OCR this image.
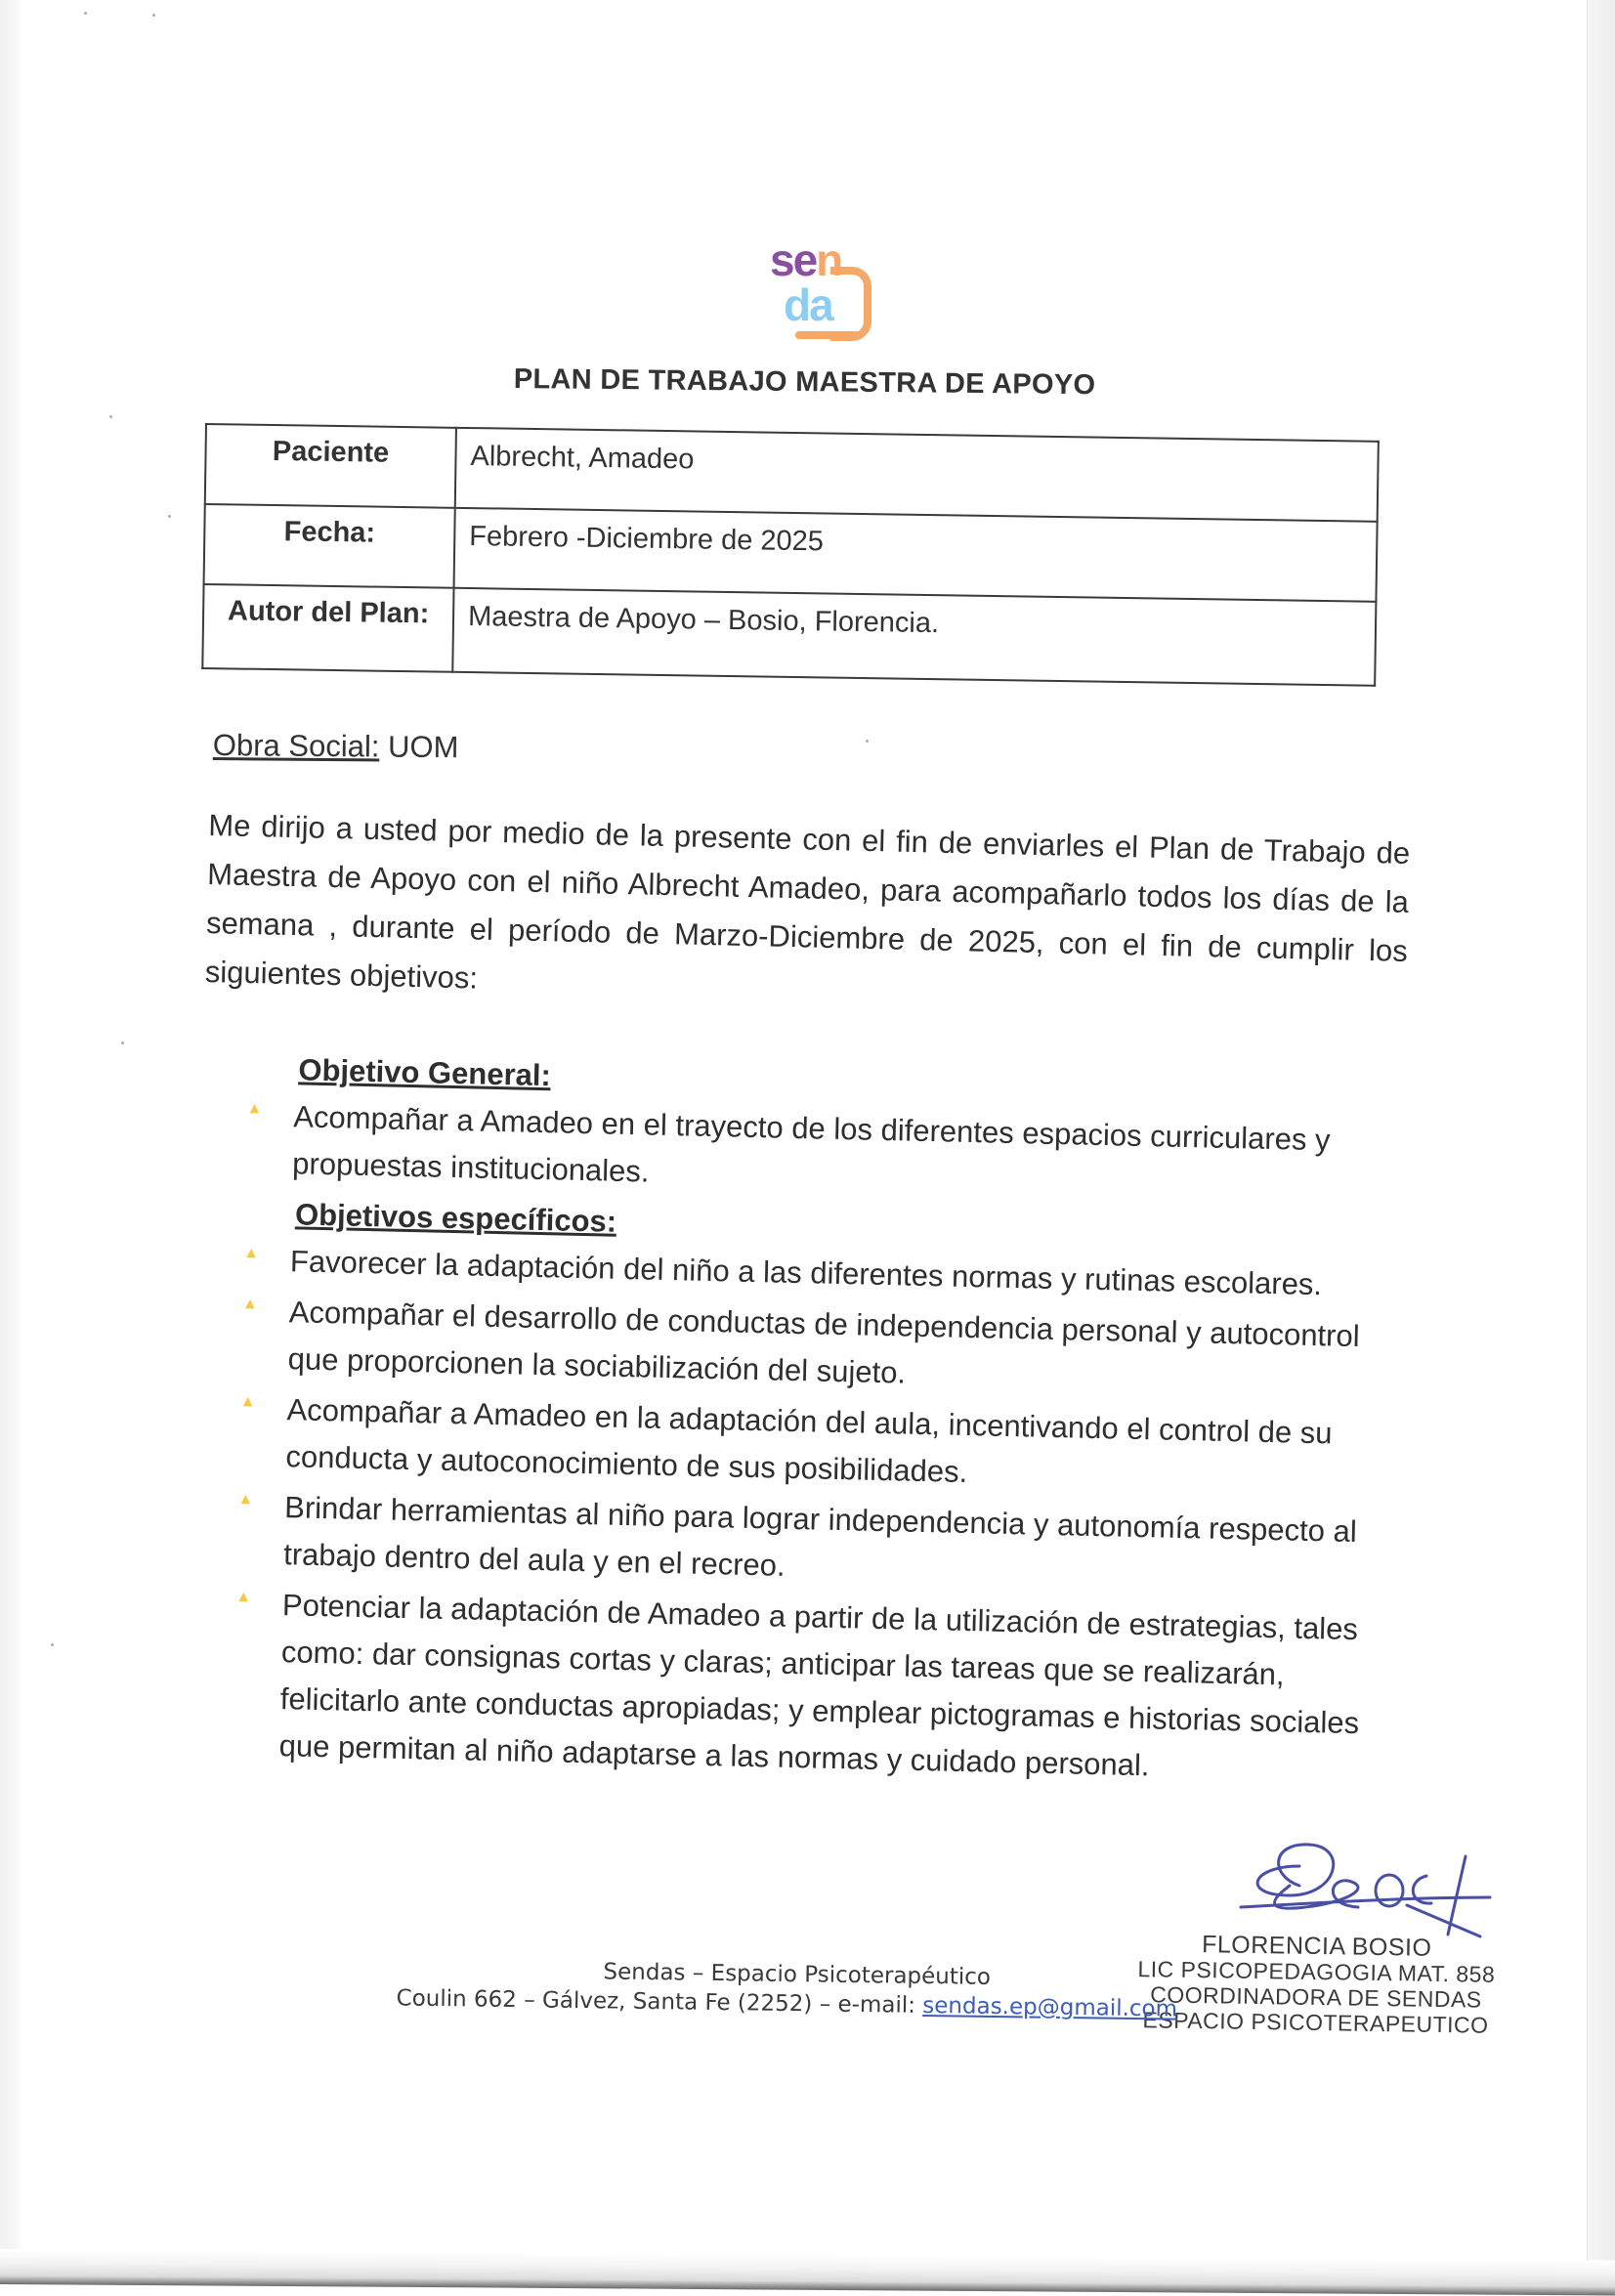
sen
da
PLAN DE TRABAJO MAESTRA DE APOYO
Paciente	Albrecht, Amadeo
Fecha:	Febrero -Diciembre de 2025
Autor del Plan:	Maestra de Apoyo – Bosio, Florencia.
Obra Social: UOM
Me dirijo a usted por medio de la presente con el fin de enviarles el Plan de Trabajo de Maestra de Apoyo con el niño Albrecht Amadeo, para acompañarlo todos los días de la semana , durante el período de Marzo-Diciembre de 2025, con el fin de cumplir los siguientes objetivos:
Objetivo General:

▲ Acompañar a Amadeo en el trayecto de los diferentes espacios curriculares y propuestas institucionales.

Objetivos específicos:

▲ Favorecer la adaptación del niño a las diferentes normas y rutinas escolares.

▲ Acompañar el desarrollo de conductas de independencia personal y autocontrol que proporcionen la sociabilización del sujeto.

▲ Acompañar a Amadeo en la adaptación del aula, incentivando el control de su conducta y autoconocimiento de sus posibilidades.

▲ Brindar herramientas al niño para lograr independencia y autonomía respecto al trabajo dentro del aula y en el recreo.

▲ Potenciar la adaptación de Amadeo a partir de la utilización de estrategias, tales como: dar consignas cortas y claras; anticipar las tareas que se realizarán, felicitarlo ante conductas apropiadas; y emplear pictogramas e historias sociales que permitan al niño adaptarse a las normas y cuidado personal.

FLORENCIA BOSIO
LIC PSICOPEDAGOGIA MAT. 858
COORDINADORA DE SENDAS
ESPACIO PSICOTERAPEUTICO
Sendas – Espacio Psicoterapéutico
Coulin 662 – Gálvez, Santa Fe (2252) – e-mail: sendas.ep@gmail.com
